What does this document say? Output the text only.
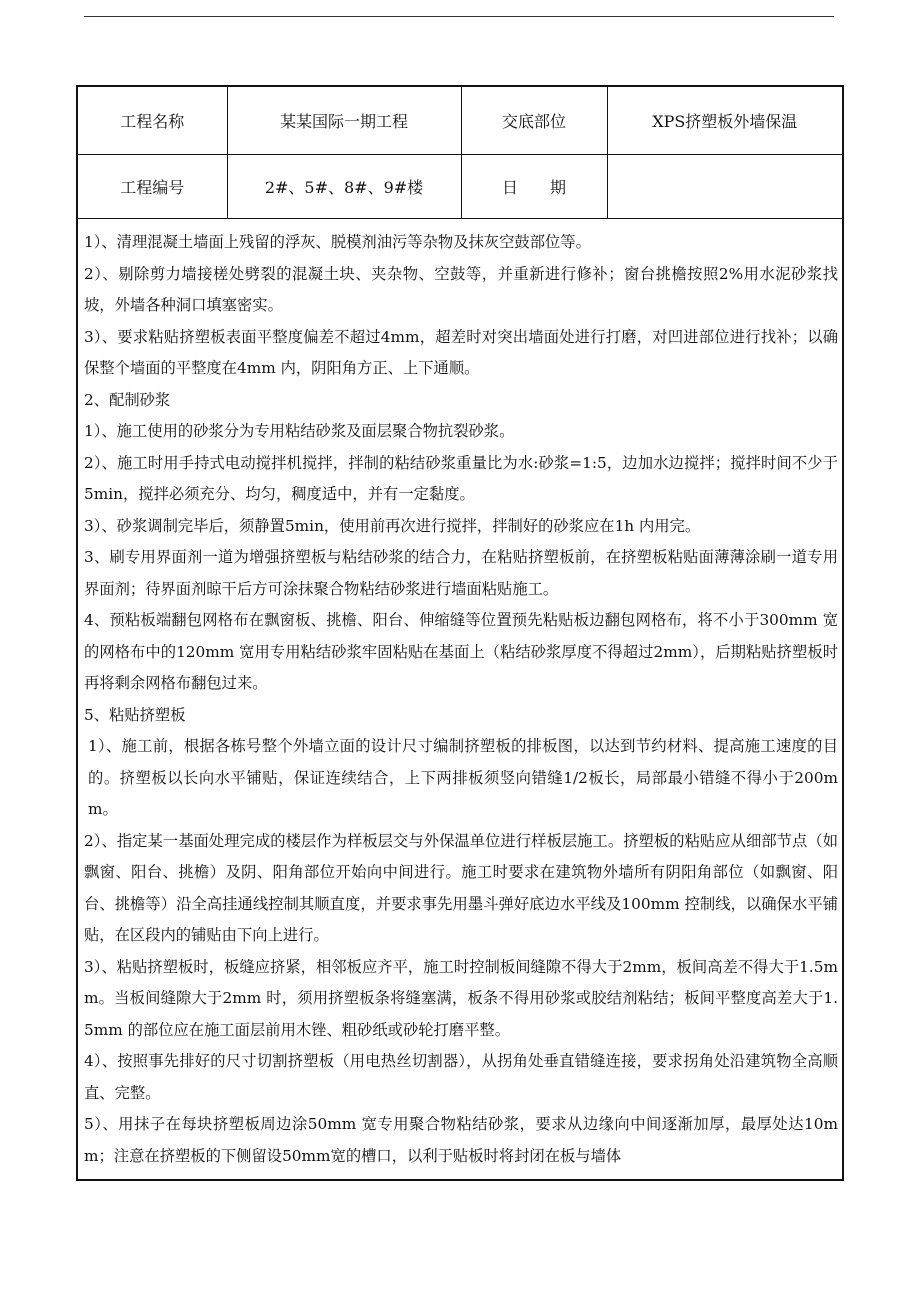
工程名称	某某国际一期工程	交底部位	XPS挤塑板外墙保温
工程编号	2#、5#、8#、9#楼	日　　期	

1）、清理混凝土墙面上残留的浮灰、脱模剂油污等杂物及抹灰空鼓部位等。

2）、剔除剪力墙接槎处劈裂的混凝土块、夹杂物、空鼓等，并重新进行修补；窗台挑檐按照2%用水泥砂浆找坡，外墙各种洞口填塞密实。

3）、要求粘贴挤塑板表面平整度偏差不超过4mm，超差时对突出墙面处进行打磨，对凹进部位进行找补；以确保整个墙面的平整度在4mm 内，阴阳角方正、上下通顺。

2、配制砂浆

1）、施工使用的砂浆分为专用粘结砂浆及面层聚合物抗裂砂浆。

2）、施工时用手持式电动搅拌机搅拌，拌制的粘结砂浆重量比为水:砂浆=1:5，边加水边搅拌；搅拌时间不少于5min，搅拌必须充分、均匀，稠度适中，并有一定黏度。

3）、砂浆调制完毕后，须静置5min，使用前再次进行搅拌，拌制好的砂浆应在1h 内用完。

3、刷专用界面剂一道为增强挤塑板与粘结砂浆的结合力，在粘贴挤塑板前，在挤塑板粘贴面薄薄涂刷一道专用界面剂；待界面剂晾干后方可涂抹聚合物粘结砂浆进行墙面粘贴施工。

4、预粘板端翻包网格布在飘窗板、挑檐、阳台、伸缩缝等位置预先粘贴板边翻包网格布，将不小于300mm 宽的网格布中的120mm 宽用专用粘结砂浆牢固粘贴在基面上（粘结砂浆厚度不得超过2mm），后期粘贴挤塑板时再将剩余网格布翻包过来。

5、粘贴挤塑板

1）、施工前，根据各栋号整个外墙立面的设计尺寸编制挤塑板的排板图，以达到节约材料、提高施工速度的目的。挤塑板以长向水平铺贴，保证连续结合，上下两排板须竖向错缝1/2板长，局部最小错缝不得小于200mm。

2）、指定某一基面处理完成的楼层作为样板层交与外保温单位进行样板层施工。挤塑板的粘贴应从细部节点（如飘窗、阳台、挑檐）及阴、阳角部位开始向中间进行。施工时要求在建筑物外墙所有阴阳角部位（如飘窗、阳台、挑檐等）沿全高挂通线控制其顺直度，并要求事先用墨斗弹好底边水平线及100mm 控制线，以确保水平铺贴，在区段内的铺贴由下向上进行。

3）、粘贴挤塑板时，板缝应挤紧，相邻板应齐平，施工时控制板间缝隙不得大于2mm，板间高差不得大于1.5mm。当板间缝隙大于2mm 时，须用挤塑板条将缝塞满，板条不得用砂浆或胶结剂粘结；板间平整度高差大于1.5mm 的部位应在施工面层前用木锉、粗砂纸或砂轮打磨平整。

4）、按照事先排好的尺寸切割挤塑板（用电热丝切割器），从拐角处垂直错缝连接，要求拐角处沿建筑物全高顺直、完整。

5）、用抹子在每块挤塑板周边涂50mm 宽专用聚合物粘结砂浆，要求从边缘向中间逐渐加厚，最厚处达10mm；注意在挤塑板的下侧留设50mm宽的槽口，以利于贴板时将封闭在板与墙体
